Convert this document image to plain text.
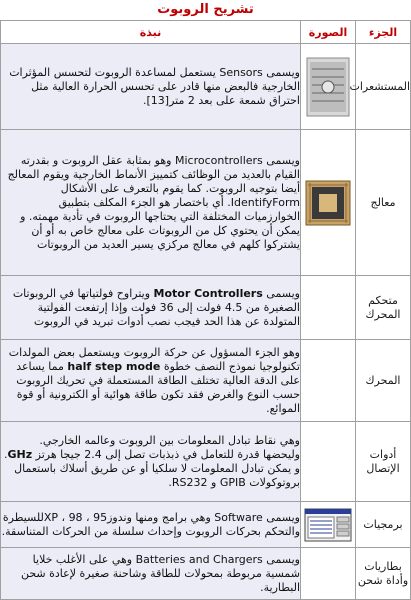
تشريح الروبوت
الجزء	الصورة	نبذة
المستشعرات		ويسمى Sensors يستعمل لمساعدة الروبوت لتحسس المؤثرات الخارجية فالبعض منها قادر على تحسس الحرارة العالية مثل احتراق شمعة على بعد 2 متر[13].
معالج		ويسمى Microcontrollers وهو بمثابة عقل الروبوت و بقدرته القيام بالعديد من الوظائف كتمييز الأنماط الخارجية ويقوم المعالج أيضا بتوجيه الروبوت. كما يقوم بالتعرف على الأشكال IdentifyForm. أي باختصار هو الجزء المكلف بتطبيق الخوارزميات المختلفة التي يحتاجها الروبوت في تأدية مهمته. و يمكن أن يحتوي كل من الروبوتات على معالج خاص به أو أن يشتركوا كلهم في معالج مركزي يسير العديد من الروبوتات
متحكم المحرك		ويسمى Motor Controllers ويتراوح فولتياتها في الروبوتات الصغيرة من 4.5 فولت إلى 36 فولت وإذا إرتفعت الفولتية المتولدة عن هذا الحد فيجب نصب أدوات تبريد في الروبوت
المحرك		وهو الجزء المسؤول عن حركة الروبوت ويستعمل بعض المولدات تكنولوجيا نموذج النصف خطوة half step mode مما يساعد على الدقة العالية تختلف الطاقة المستعملة في تحريك الروبوت حسب النوع والغرض فقد تكون طاقة هوائية أو الكترونية أو قوة الموائع.
أدوات الإتصال		وهي نقاط تبادل المعلومات بين الروبوت وعالمه الخارجي. وليحضها قدرة للتعامل في ذبذبات تصل إلى 2.4 جيجا هرتز GHz. و يمكن تبادل المعلومات لا سلكيا أو عن طريق أسلاك باستعمال بروتوكولات GPIB و RS232.
برمجيات		ويسمى Software وهي برامج ومنها وندوز95 ، 98 ، XPللسيطرة والتحكم بحركات الروبوت وإحداث سلسلة من الحركات المتناسقة.
بطاريات وأداة شحن		ويسمى Batteries and Chargers وهي على الأغلب خلايا شمسية مربوطة بمحولات للطاقة وشاحنة صغيرة لإعادة شحن البطارية.
